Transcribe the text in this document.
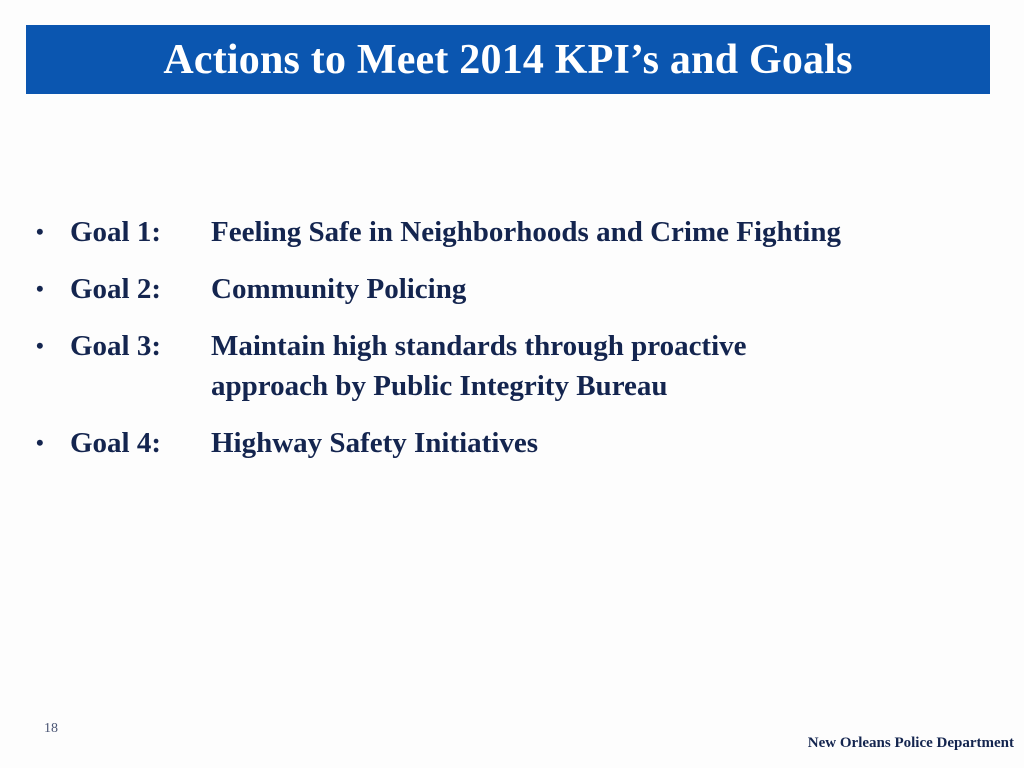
Actions to Meet 2014 KPI’s and Goals
• Goal 1:	Feeling Safe in Neighborhoods and Crime Fighting
• Goal 2:	Community Policing
• Goal 3:	Maintain high standards through proactive approach by Public Integrity Bureau
• Goal 4:	Highway Safety Initiatives
18
New Orleans Police Department
